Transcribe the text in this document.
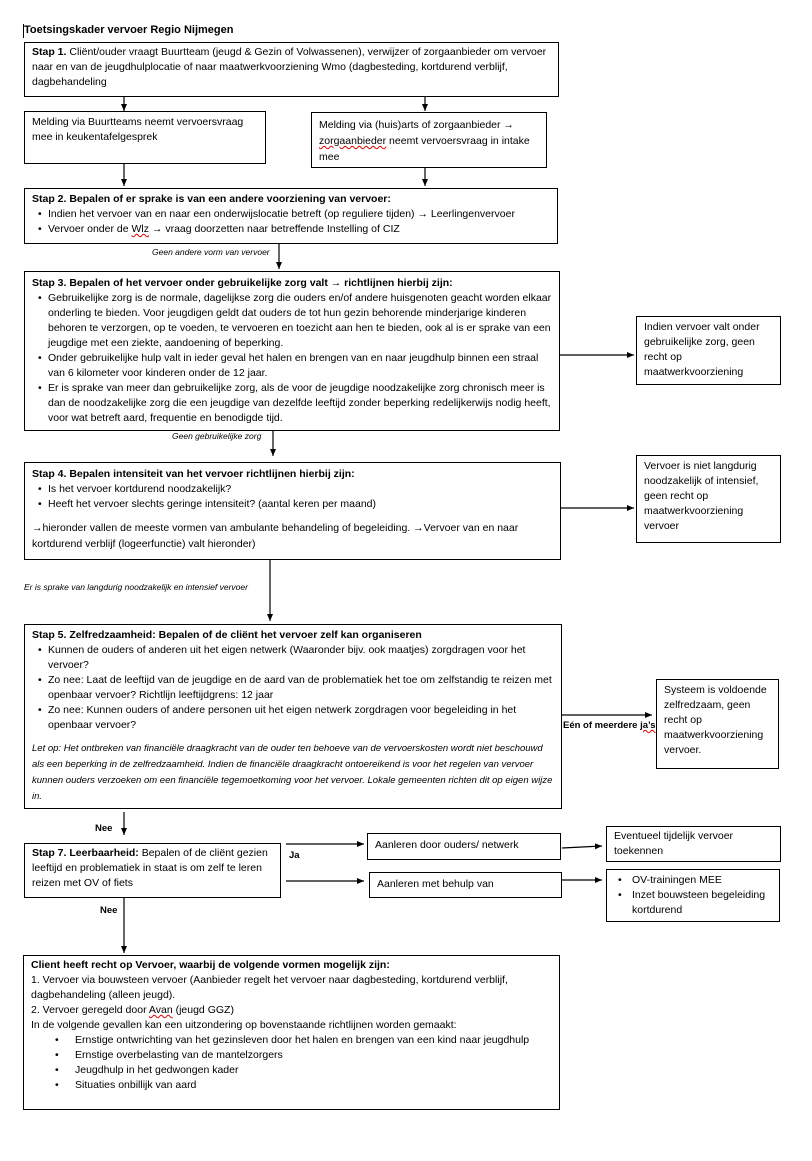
Toetsingskader vervoer Regio Nijmegen
Stap 1. Cliënt/ouder vraagt Buurtteam (jeugd & Gezin of Volwassenen), verwijzer of zorgaanbieder om vervoer naar en van de jeugdhulplocatie of naar maatwerkvoorziening Wmo (dagbesteding, kortdurend verblijf, dagbehandeling
Melding via Buurtteams neemt vervoersvraag mee in keukentafelgesprek
Melding via (huis)arts of zorgaanbieder → zorgaanbieder neemt vervoersvraag in intake mee
Stap 2. Bepalen of er sprake is van een andere voorziening van vervoer:
• Indien het vervoer van en naar een onderwijslocatie betreft (op reguliere tijden) → Leerlingenvervoer
• Vervoer onder de Wlz → vraag doorzetten naar betreffende Instelling of CIZ
Geen andere vorm van vervoer
Stap 3. Bepalen of het vervoer onder gebruikelijke zorg valt → richtlijnen hierbij zijn:
• Gebruikelijke zorg is de normale, dagelijkse zorg die ouders en/of andere huisgenoten geacht worden elkaar onderling te bieden. Voor jeugdigen geldt dat ouders de tot hun gezin behorende minderjarige kinderen behoren te verzorgen, op te voeden, te vervoeren en toezicht aan hen te bieden, ook al is er sprake van een jeugdige met een ziekte, aandoening of beperking.
• Onder gebruikelijke hulp valt in ieder geval het halen en brengen van en naar jeugdhulp binnen een straal van 6 kilometer voor kinderen onder de 12 jaar.
• Er is sprake van meer dan gebruikelijke zorg, als de voor de jeugdige noodzakelijke zorg chronisch meer is dan de noodzakelijke zorg die een jeugdige van dezelfde leeftijd zonder beperking redelijkerwijs nodig heeft, voor wat betreft aard, frequentie en benodigde tijd.
Geen gebruikelijke zorg
Indien vervoer valt onder gebruikelijke zorg, geen recht op maatwerkvoorziening
Stap 4. Bepalen intensiteit van het vervoer richtlijnen hierbij zijn:
• Is het vervoer kortdurend noodzakelijk?
• Heeft het vervoer slechts geringe intensiteit? (aantal keren per maand)
→hieronder vallen de meeste vormen van ambulante behandeling of begeleiding. →Vervoer van en naar kortdurend verblijf (logeerfunctie) valt hieronder)
Er is sprake van langdurig noodzakelijk en intensief vervoer
Vervoer is niet langdurig noodzakelijk of intensief, geen recht op maatwerkvoorziening vervoer
Stap 5. Zelfredzaamheid: Bepalen of de cliënt het vervoer zelf kan organiseren
• Kunnen de ouders of anderen uit het eigen netwerk (Waaronder bijv. ook maatjes) zorgdragen voor het vervoer?
• Zo nee: Laat de leeftijd van de jeugdige en de aard van de problematiek het toe om zelfstandig te reizen met openbaar vervoer? Richtlijn leeftijdgrens: 12 jaar
• Zo nee: Kunnen ouders of andere personen uit het eigen netwerk zorgdragen voor begeleiding in het openbaar vervoer?
Let op: Het ontbreken van financiële draagkracht van de ouder ten behoeve van de vervoerskosten wordt niet beschouwd als een beperking in de zelfredzaamheid. Indien de financiële draagkracht ontoereikend is voor het regelen van vervoer kunnen ouders verzoeken om een financiële tegemoetkoming voor het vervoer. Lokale gemeenten richten dit op eigen wijze in.
Eén of meerdere ja’s
Systeem is voldoende zelfredzaam, geen recht op maatwerkvoorziening vervoer.
Nee
Stap 7. Leerbaarheid: Bepalen of de cliënt gezien leeftijd en problematiek in staat is om zelf te leren reizen met OV of fiets
Ja
Nee
Aanleren door ouders/ netwerk
Aanleren met behulp van
Eventueel tijdelijk vervoer toekennen
• OV-trainingen MEE
• Inzet bouwsteen begeleiding kortdurend
Client heeft recht op Vervoer, waarbij de volgende vormen mogelijk zijn:
1. Vervoer via bouwsteen vervoer (Aanbieder regelt het vervoer naar dagbesteding, kortdurend verblijf, dagbehandeling (alleen jeugd).
2. Vervoer geregeld door Avan (jeugd GGZ)
In de volgende gevallen kan een uitzondering op bovenstaande richtlijnen worden gemaakt:
• Ernstige ontwrichting van het gezinsleven door het halen en brengen van een kind naar jeugdhulp
• Ernstige overbelasting van de mantelzorgers
• Jeugdhulp in het gedwongen kader
• Situaties onbillijk van aard
